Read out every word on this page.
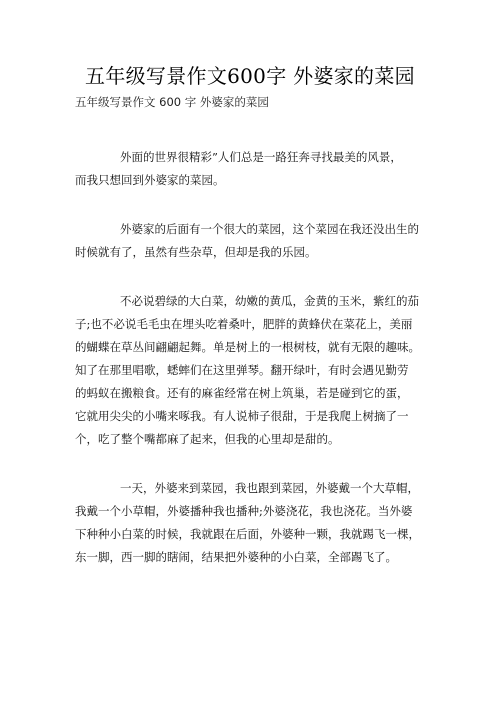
五年级写景作文600字 外婆家的菜园
五年级写景作文 600 字 外婆家的菜园
外面的世界很精彩”人们总是一路狂奔寻找最美的风景，
而我只想回到外婆家的菜园。
外婆家的后面有一个很大的菜园，这个菜园在我还没出生的
时候就有了，虽然有些杂草，但却是我的乐园。
不必说碧绿的大白菜，幼嫩的黄瓜，金黄的玉米，紫红的茄
子;也不必说毛毛虫在埋头吃着桑叶，肥胖的黄蜂伏在菜花上，美丽
的蝴蝶在草丛间翩翩起舞。单是树上的一根树枝，就有无限的趣味。
知了在那里唱歌，蟋蟀们在这里弹琴。翻开绿叶，有时会遇见勤劳
的蚂蚁在搬粮食。还有的麻雀经常在树上筑巢，若是碰到它的蛋，
它就用尖尖的小嘴来啄我。有人说柿子很甜，于是我爬上树摘了一
个，吃了整个嘴都麻了起来，但我的心里却是甜的。
一天，外婆来到菜园，我也跟到菜园，外婆戴一个大草帽，
我戴一个小草帽，外婆播种我也播种;外婆浇花，我也浇花。当外婆
下种种小白菜的时候，我就跟在后面，外婆种一颗，我就踢飞一棵，
东一脚，西一脚的瞎闹，结果把外婆种的小白菜，全部踢飞了。
